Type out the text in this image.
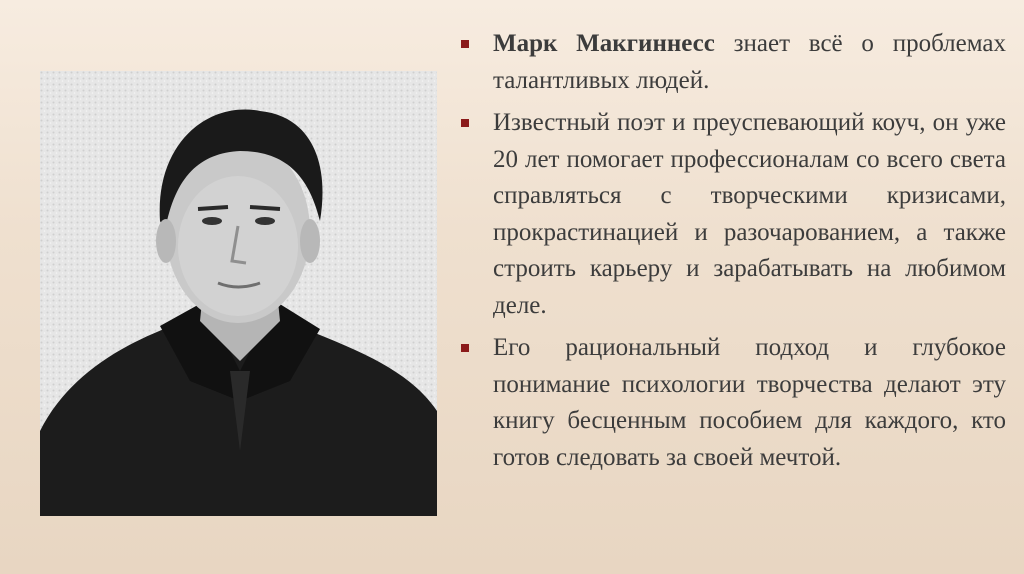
Марк Макгиннесс знает всё о проблемах талантливых людей.

Известный поэт и преуспевающий коуч, он уже 20 лет помогает профессионалам со всего света справляться с творческими кризисами, прокрастинацией и разочарованием, а также строить карьеру и зарабатывать на любимом деле.

Его рациональный подход и глубокое понимание психологии творчества делают эту книгу бесценным пособием для каждого, кто готов следовать за своей мечтой.
